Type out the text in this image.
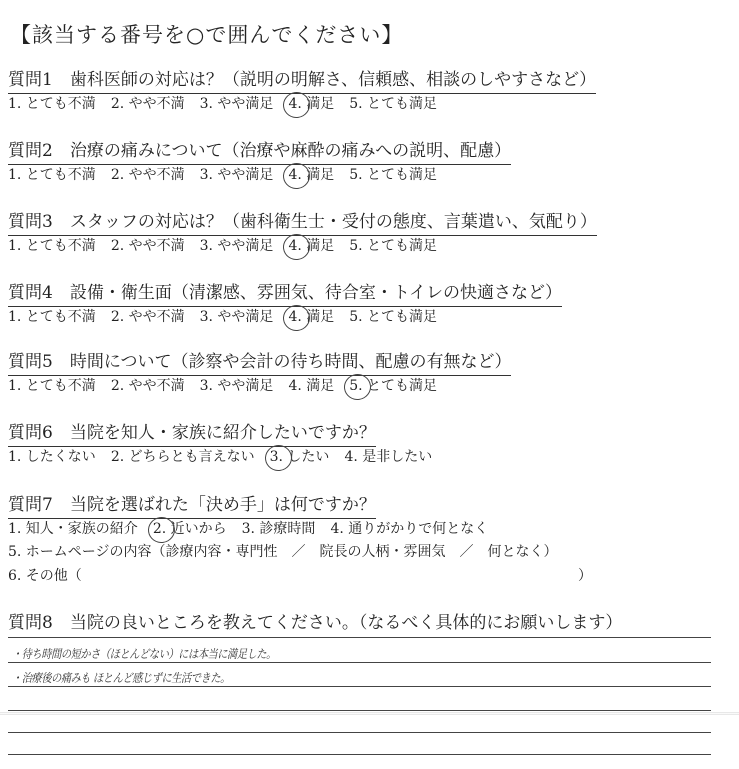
【該当する番号を○で囲んでください】
質問1　歯科医師の対応は？（説明の明解さ、信頼感、相談のしやすさなど）
1. とても不満 2. やや不満 3. やや満足 4. 満足 5. とても満足
質問2　治療の痛みについて（治療や麻酔の痛みへの説明、配慮）
1. とても不満 2. やや不満 3. やや満足 4. 満足 5. とても満足
質問3　スタッフの対応は？（歯科衛生士・受付の態度、言葉遣い、気配り）
1. とても不満 2. やや不満 3. やや満足 4. 満足 5. とても満足
質問4　設備・衛生面（清潔感、雰囲気、待合室・トイレの快適さなど）
1. とても不満 2. やや不満 3. やや満足 4. 満足 5. とても満足
質問5　時間について（診察や会計の待ち時間、配慮の有無など）
1. とても不満 2. やや不満 3. やや満足 4. 満足 5. とても満足
質問6　当院を知人・家族に紹介したいですか？
1. したくない 2. どちらとも言えない 3. したい 4. 是非したい
質問7　当院を選ばれた「決め手」は何ですか？
1. 知人・家族の紹介 2. 近いから 3. 診療時間 4. 通りがかりで何となく
5. ホームページの内容（診療内容・専門性　／　院長の人柄・雰囲気　／　何となく）
6. その他（	）
質問8　当院の良いところを教えてください。（なるべく具体的にお願いします）
・待ち時間の短かさ（ほとんどない）には本当に満足した。
・治療後の痛みも ほとんど感じずに生活できた。
